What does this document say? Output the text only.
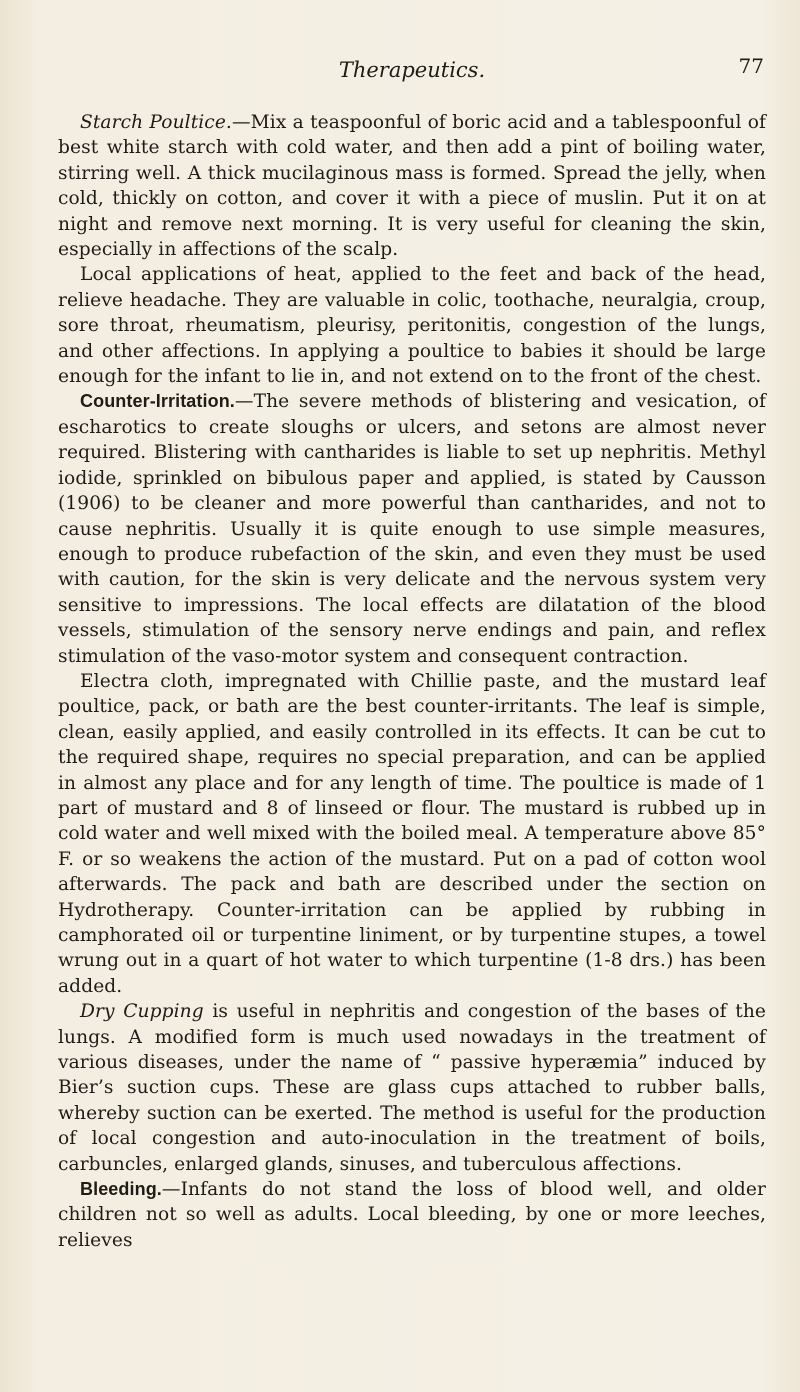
Therapeutics.	77

Starch Poultice.—Mix a teaspoonful of boric acid and a tablespoonful of best white starch with cold water, and then add a pint of boiling water, stirring well. A thick mucilaginous mass is formed. Spread the jelly, when cold, thickly on cotton, and cover it with a piece of muslin. Put it on at night and remove next morning. It is very useful for cleaning the skin, especially in affections of the scalp.

Local applications of heat, applied to the feet and back of the head, relieve headache. They are valuable in colic, toothache, neuralgia, croup, sore throat, rheumatism, pleurisy, peritonitis, congestion of the lungs, and other affections. In applying a poultice to babies it should be large enough for the infant to lie in, and not extend on to the front of the chest.

Counter-Irritation.—The severe methods of blistering and vesication, of escharotics to create sloughs or ulcers, and setons are almost never required. Blistering with cantharides is liable to set up nephritis. Methyl iodide, sprinkled on bibulous paper and applied, is stated by Causson (1906) to be cleaner and more powerful than cantharides, and not to cause nephritis. Usually it is quite enough to use simple measures, enough to produce rubefaction of the skin, and even they must be used with caution, for the skin is very delicate and the nervous system very sensitive to impressions. The local effects are dilatation of the blood vessels, stimulation of the sensory nerve endings and pain, and reflex stimulation of the vaso-motor system and consequent contraction.

Electra cloth, impregnated with Chillie paste, and the mustard leaf poultice, pack, or bath are the best counter-irritants. The leaf is simple, clean, easily applied, and easily controlled in its effects. It can be cut to the required shape, requires no special preparation, and can be applied in almost any place and for any length of time. The poultice is made of 1 part of mustard and 8 of linseed or flour. The mustard is rubbed up in cold water and well mixed with the boiled meal. A temperature above 85° F. or so weakens the action of the mustard. Put on a pad of cotton wool afterwards. The pack and bath are described under the section on Hydrotherapy. Counter-irritation can be applied by rubbing in camphorated oil or turpentine liniment, or by turpentine stupes, a towel wrung out in a quart of hot water to which turpentine (1-8 drs.) has been added.

Dry Cupping is useful in nephritis and congestion of the bases of the lungs. A modified form is much used nowadays in the treatment of various diseases, under the name of “ passive hyperæmia” induced by Bier’s suction cups. These are glass cups attached to rubber balls, whereby suction can be exerted. The method is useful for the production of local congestion and auto-inoculation in the treatment of boils, carbuncles, enlarged glands, sinuses, and tuberculous affections.

Bleeding.—Infants do not stand the loss of blood well, and older children not so well as adults. Local bleeding, by one or more leeches, relieves
